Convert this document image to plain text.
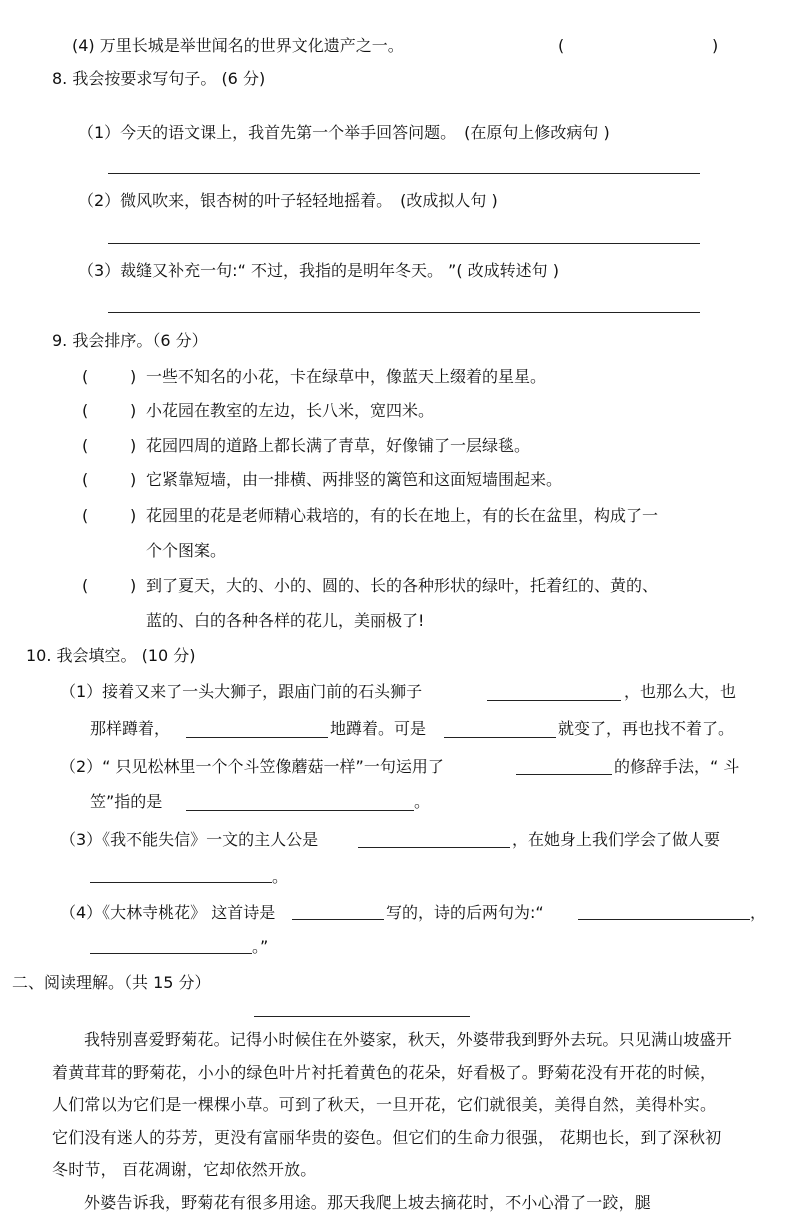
(4) 万里长城是举世闻名的世界文化遗产之一。	(	)
8. 我会按要求写句子。 (6 分)
（1）今天的语文课上，我首先第一个举手回答问题。　(在原句上修改病句 )
（2）微风吹来，银杏树的叶子轻轻地摇着。　(改成拟人句 )
（3）裁缝又补充一句:“ 不过，我指的是明年冬天。 ”( 改成转述句 )
9. 我会排序。（6 分）
(	) 一些不知名的小花，卡在绿草中，像蓝天上缀着的星星。
(	) 小花园在教室的左边，长八米，宽四米。
(	) 花园四周的道路上都长满了青草，好像铺了一层绿毯。
(	) 它紧靠短墙，由一排横、两排竖的篱笆和这面短墙围起来。
(	) 花园里的花是老师精心栽培的，有的长在地上，有的长在盆里，构成了一
个个图案。
(	) 到了夏天，大的、小的、圆的、长的各种形状的绿叶，托着红的、黄的、
蓝的、白的各种各样的花儿，美丽极了!
10. 我会填空。 (10 分)
（1）接着又来了一头大狮子，跟庙门前的石头狮子	，也那么大，也
那样蹲着，	地蹲着。可是	就变了，再也找不着了。
（2）“ 只见松林里一个个斗笠像蘑菇一样”一句运用了	的修辞手法，“ 斗
笠”指的是	。
（3）《我不能失信》一文的主人公是	，在她身上我们学会了做人要
。
（4）《大林寺桃花》 这首诗是	写的，诗的后两句为:“	，
。”
二、阅读理解。（共 15 分）

我特别喜爱野菊花。记得小时候住在外婆家，秋天，外婆带我到野外去玩。只见满山坡盛开着黄茸茸的野菊花，小小的绿色叶片衬托着黄色的花朵，好看极了。野菊花没有开花的时候，人们常以为它们是一棵棵小草。可到了秋天，一旦开花，它们就很美，美得自然，美得朴实。它们没有迷人的芬芳，更没有富丽华贵的姿色。但它们的生命力很强， 花期也长，到了深秋初冬时节， 百花凋谢，它却依然开放。

外婆告诉我，野菊花有很多用途。那天我爬上坡去摘花时，不小心滑了一跤，腿
